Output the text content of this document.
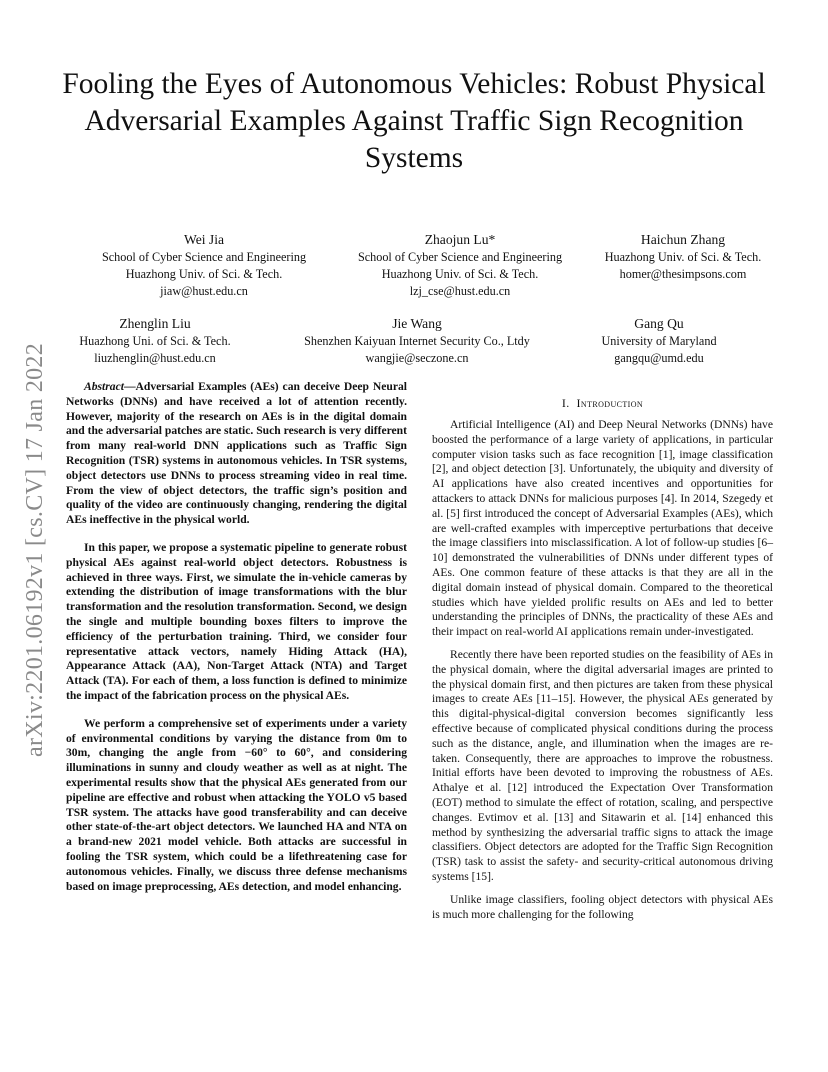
Fooling the Eyes of Autonomous Vehicles: Robust Physical Adversarial Examples Against Traffic Sign Recognition Systems
Wei Jia
School of Cyber Science and Engineering
Huazhong Univ. of Sci. & Tech.
jiaw@hust.edu.cn
Zhaojun Lu*
School of Cyber Science and Engineering
Huazhong Univ. of Sci. & Tech.
lzj_cse@hust.edu.cn
Haichun Zhang
Huazhong Univ. of Sci. & Tech.
homer@thesimpsons.com
Zhenglin Liu
Huazhong Uni. of Sci. & Tech.
liuzhenglin@hust.edu.cn
Jie Wang
Shenzhen Kaiyuan Internet Security Co., Ltdy
wangjie@seczone.cn
Gang Qu
University of Maryland
gangqu@umd.edu
arXiv:2201.06192v1 [cs.CV] 17 Jan 2022	Abstract—Adversarial Examples (AEs) can deceive Deep Neural Networks (DNNs) and have received a lot of attention recently. However, majority of the research on AEs is in the digital domain and the adversarial patches are static. Such research is very different from many real-world DNN applications such as Traffic Sign Recognition (TSR) systems in autonomous vehicles. In TSR systems, object detectors use DNNs to process streaming video in real time. From the view of object detectors, the traffic sign’s position and quality of the video are continuously changing, rendering the digital AEs ineffective in the physical world.

In this paper, we propose a systematic pipeline to generate robust physical AEs against real-world object detectors. Robustness is achieved in three ways. First, we simulate the in-vehicle cameras by extending the distribution of image transformations with the blur transformation and the resolution transformation. Second, we design the single and multiple bounding boxes filters to improve the efficiency of the perturbation training. Third, we consider four representative attack vectors, namely Hiding Attack (HA), Appearance Attack (AA), Non-Target Attack (NTA) and Target Attack (TA). For each of them, a loss function is defined to minimize the impact of the fabrication process on the physical AEs.

We perform a comprehensive set of experiments under a variety of environmental conditions by varying the distance from 0m to 30m, changing the angle from −60° to 60°, and considering illuminations in sunny and cloudy weather as well as at night. The experimental results show that the physical AEs generated from our pipeline are effective and robust when attacking the YOLO v5 based TSR system. The attacks have good transferability and can deceive other state-of-the-art object detectors. We launched HA and NTA on a brand-new 2021 model vehicle. Both attacks are successful in fooling the TSR system, which could be a lifethreatening case for autonomous vehicles. Finally, we discuss three defense mechanisms based on image preprocessing, AEs detection, and model enhancing.

I. Introduction

Artificial Intelligence (AI) and Deep Neural Networks (DNNs) have boosted the performance of a large variety of applications, in particular computer vision tasks such as face recognition [1], image classification [2], and object detection [3]. Unfortunately, the ubiquity and diversity of AI applications have also created incentives and opportunities for attackers to attack DNNs for malicious purposes [4]. In 2014, Szegedy et al. [5] first introduced the concept of Adversarial Examples (AEs), which are well-crafted examples with imperceptive perturbations that deceive the image classifiers into misclassification. A lot of follow-up studies [6–10] demonstrated the vulnerabilities of DNNs under different types of AEs. One common feature of these attacks is that they are all in the digital domain instead of physical domain. Compared to the theoretical studies which have yielded prolific results on AEs and led to better understanding the principles of DNNs, the practicality of these AEs and their impact on real-world AI applications remain under-investigated.

Recently there have been reported studies on the feasibility of AEs in the physical domain, where the digital adversarial images are printed to the physical domain first, and then pictures are taken from these physical images to create AEs [11–15]. However, the physical AEs generated by this digital-physical-digital conversion becomes significantly less effective because of complicated physical conditions during the process such as the distance, angle, and illumination when the images are re-taken. Consequently, there are approaches to improve the robustness. Initial efforts have been devoted to improving the robustness of AEs. Athalye et al. [12] introduced the Expectation Over Transformation (EOT) method to simulate the effect of rotation, scaling, and perspective changes. Evtimov et al. [13] and Sitawarin et al. [14] enhanced this method by synthesizing the adversarial traffic signs to attack the image classifiers. Object detectors are adopted for the Traffic Sign Recognition (TSR) task to assist the safety- and security-critical autonomous driving systems [15].

Unlike image classifiers, fooling object detectors with physical AEs is much more challenging for the following
